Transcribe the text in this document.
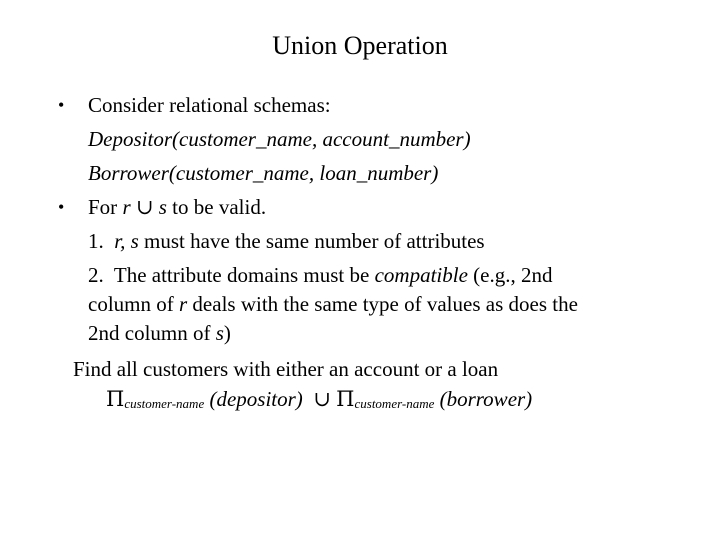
Union Operation
• Consider relational schemas:
Depositor(customer_name, account_number)
Borrower(customer_name, loan_number)
• For r ∪ s to be valid.
1. r, s must have the same number of attributes
2. The attribute domains must be compatible (e.g., 2nd
column of r deals with the same type of values as does the
2nd column of s)
Find all customers with either an account or a loan
Πcustomer-name (depositor) ∪ Πcustomer-name (borrower)
